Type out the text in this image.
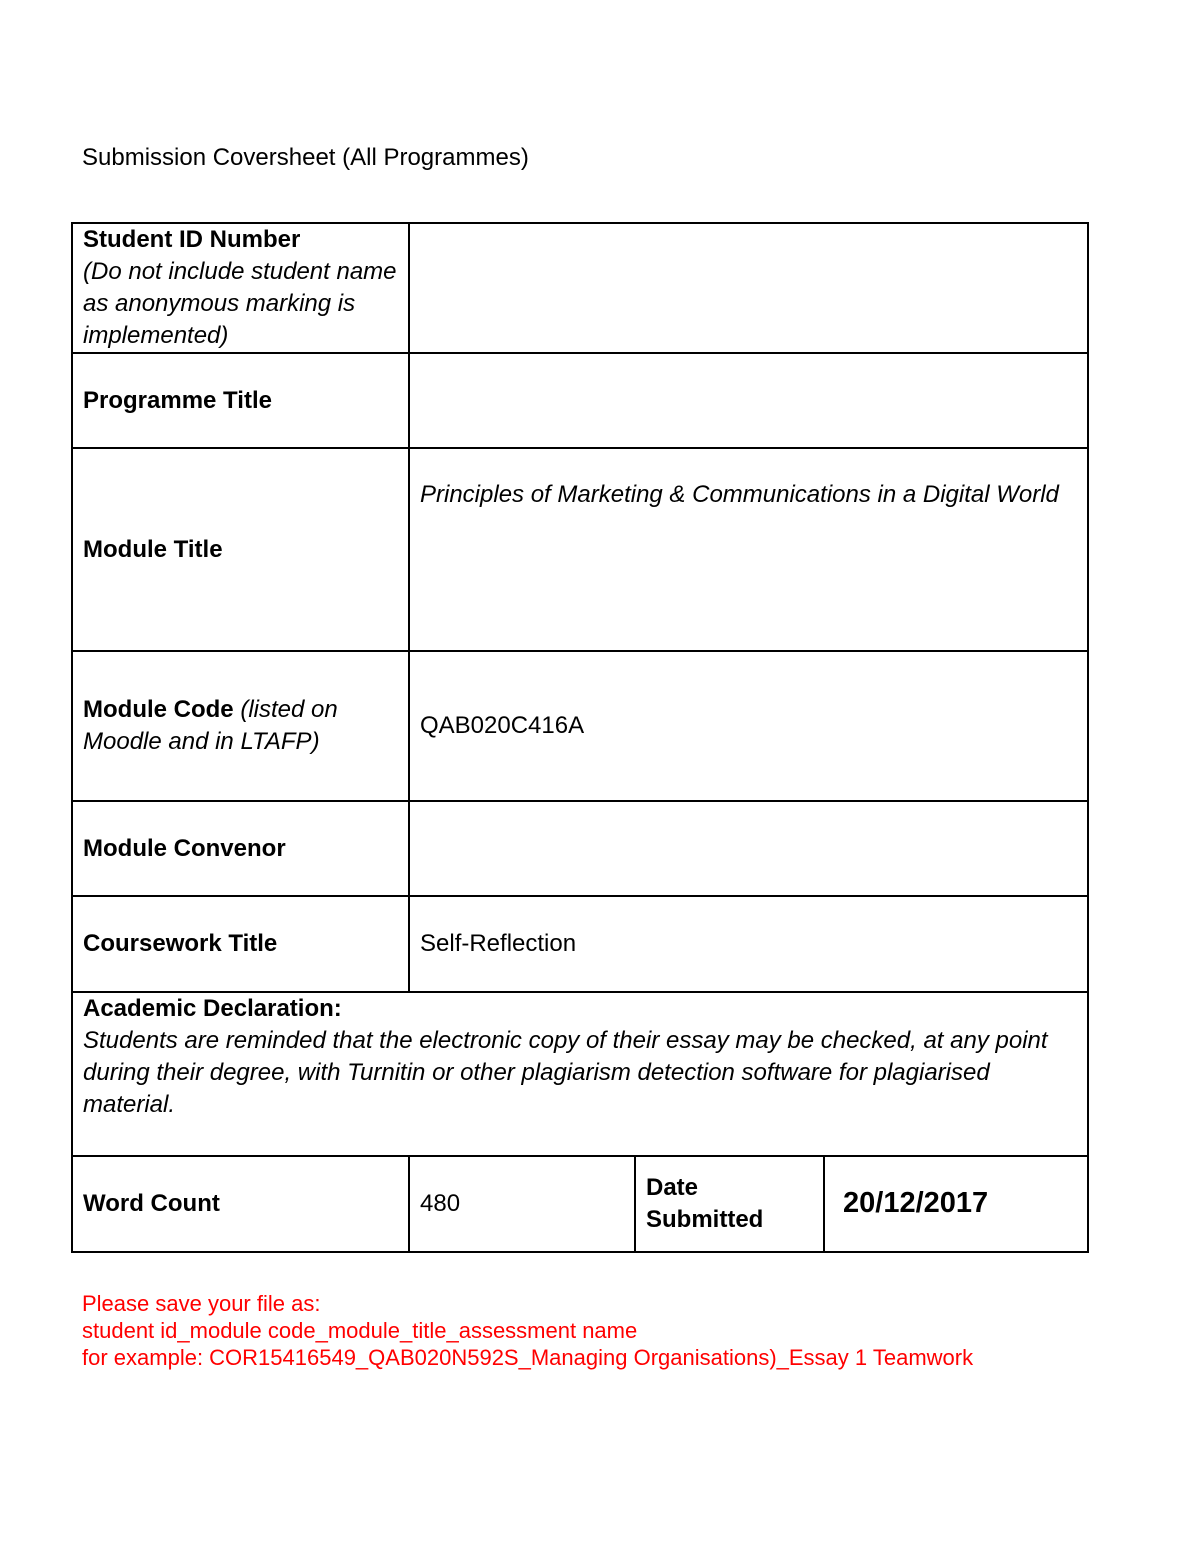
Submission Coversheet (All Programmes)
Student ID Number
(Do not include student name as anonymous marking is implemented)			
Programme Title			
Module Title	Principles of Marketing & Communications in a Digital World		

Module Code (listed on Moodle and in LTAFP)	QAB020C416A		
Module Convenor			
Coursework Title	Self-Reflection		

Academic Declaration:
Students are reminded that the electronic copy of their essay may be checked, at any point during their degree, with Turnitin or other plagiarism detection software for plagiarised material.			

Word Count	480	Date Submitted	20/12/2017
Please save your file as:
student id_module code_module_title_assessment name
for example: COR15416549_QAB020N592S_Managing Organisations)_Essay 1 Teamwork
